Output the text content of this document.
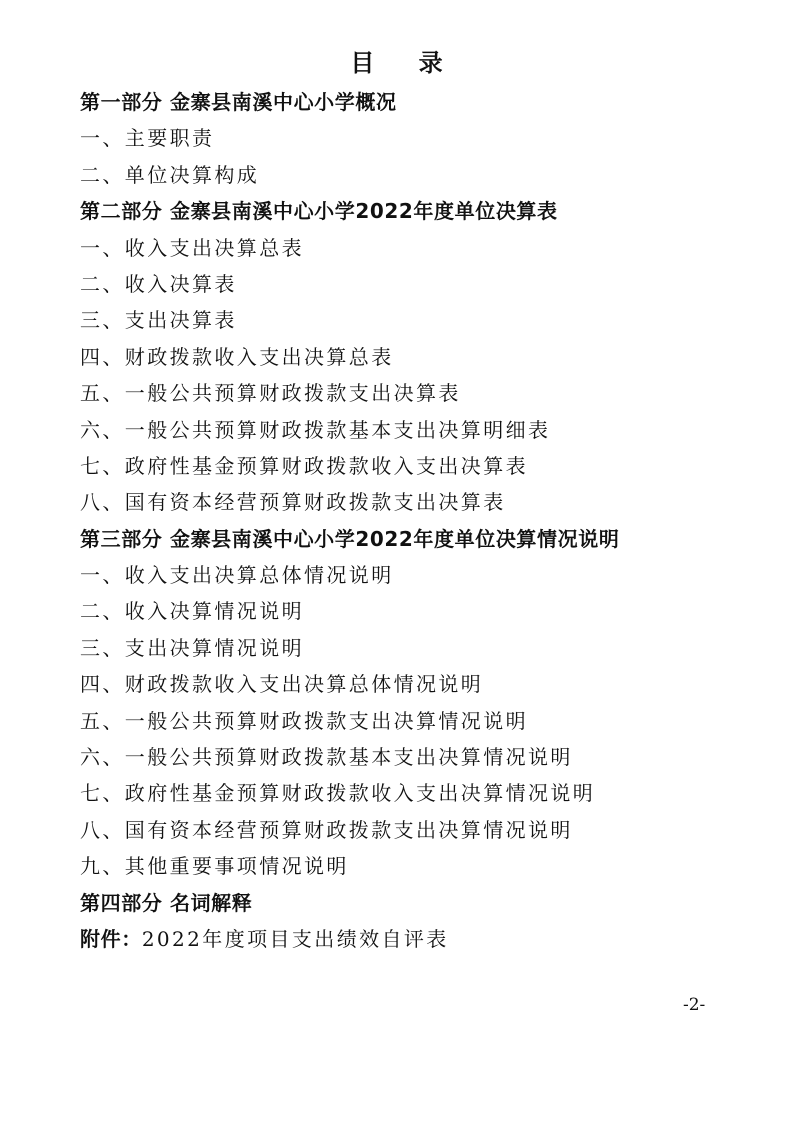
目 录
第一部分 金寨县南溪中心小学概况
一、主要职责
二、单位决算构成
第二部分 金寨县南溪中心小学2022年度单位决算表
一、收入支出决算总表
二、收入决算表
三、支出决算表
四、财政拨款收入支出决算总表
五、一般公共预算财政拨款支出决算表
六、一般公共预算财政拨款基本支出决算明细表
七、政府性基金预算财政拨款收入支出决算表
八、国有资本经营预算财政拨款支出决算表
第三部分 金寨县南溪中心小学2022年度单位决算情况说明
一、收入支出决算总体情况说明
二、收入决算情况说明
三、支出决算情况说明
四、财政拨款收入支出决算总体情况说明
五、一般公共预算财政拨款支出决算情况说明
六、一般公共预算财政拨款基本支出决算情况说明
七、政府性基金预算财政拨款收入支出决算情况说明
八、国有资本经营预算财政拨款支出决算情况说明
九、其他重要事项情况说明
第四部分 名词解释
附件：2022年度项目支出绩效自评表
-2-
